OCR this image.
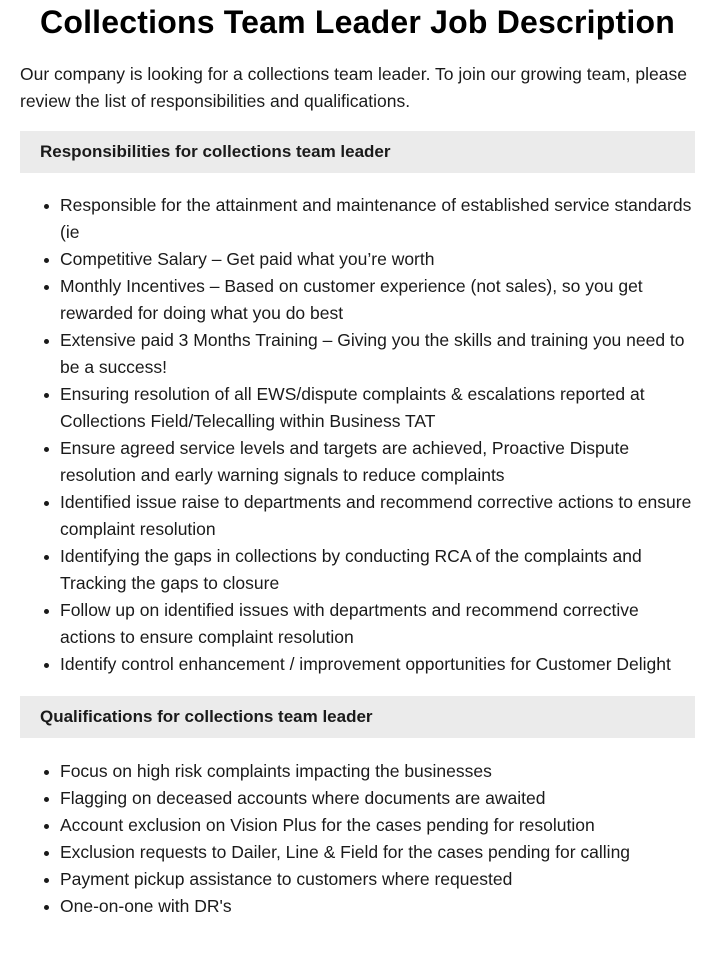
Collections Team Leader Job Description

Our company is looking for a collections team leader. To join our growing team, please review the list of responsibilities and qualifications.

Responsibilities for collections team leader
Responsible for the attainment and maintenance of established service standards (ie
Competitive Salary – Get paid what you’re worth
Monthly Incentives – Based on customer experience (not sales), so you get rewarded for doing what you do best
Extensive paid 3 Months Training – Giving you the skills and training you need to be a success!
Ensuring resolution of all EWS/dispute complaints & escalations reported at Collections Field/Telecalling within Business TAT
Ensure agreed service levels and targets are achieved, Proactive Dispute resolution and early warning signals to reduce complaints
Identified issue raise to departments and recommend corrective actions to ensure complaint resolution
Identifying the gaps in collections by conducting RCA of the complaints and Tracking the gaps to closure
Follow up on identified issues with departments and recommend corrective actions to ensure complaint resolution
Identify control enhancement / improvement opportunities for Customer Delight
Qualifications for collections team leader
Focus on high risk complaints impacting the businesses
Flagging on deceased accounts where documents are awaited
Account exclusion on Vision Plus for the cases pending for resolution
Exclusion requests to Dailer, Line & Field for the cases pending for calling
Payment pickup assistance to customers where requested
One-on-one with DR's
